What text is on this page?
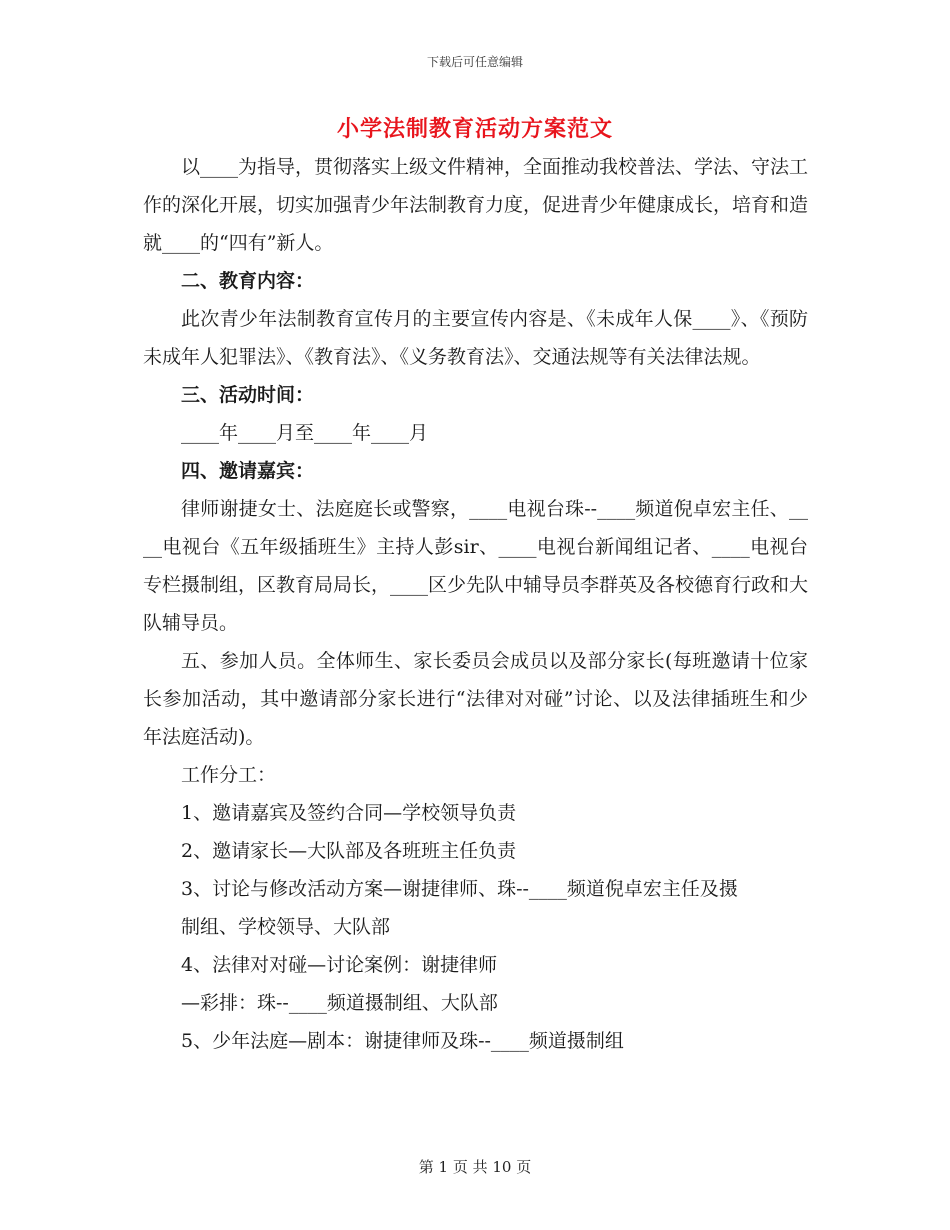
下载后可任意编辑
小学法制教育活动方案范文

以____为指导，贯彻落实上级文件精神，全面推动我校普法、学法、守法工作的深化开展，切实加强青少年法制教育力度，促进青少年健康成长，培育和造就____的“四有”新人。

二、教育内容：

此次青少年法制教育宣传月的主要宣传内容是、《未成年人保____》、《预防未成年人犯罪法》、《教育法》、《义务教育法》、交通法规等有关法律法规。

三、活动时间：

____年____月至____年____月

四、邀请嘉宾：

律师谢捷女士、法庭庭长或警察，____电视台珠--____频道倪卓宏主任、____电视台《五年级插班生》主持人彭sir、____电视台新闻组记者、____电视台专栏摄制组，区教育局局长，____区少先队中辅导员李群英及各校德育行政和大队辅导员。

五、参加人员。全体师生、家长委员会成员以及部分家长(每班邀请十位家长参加活动，其中邀请部分家长进行“法律对对碰”讨论、以及法律插班生和少年法庭活动)。

工作分工：

1、邀请嘉宾及签约合同—学校领导负责

2、邀请家长—大队部及各班班主任负责

3、讨论与修改活动方案—谢捷律师、珠--____频道倪卓宏主任及摄

制组、学校领导、大队部

4、法律对对碰—讨论案例：谢捷律师

—彩排：珠--____频道摄制组、大队部

5、少年法庭—剧本：谢捷律师及珠--____频道摄制组

第 1 页 共 10 页
